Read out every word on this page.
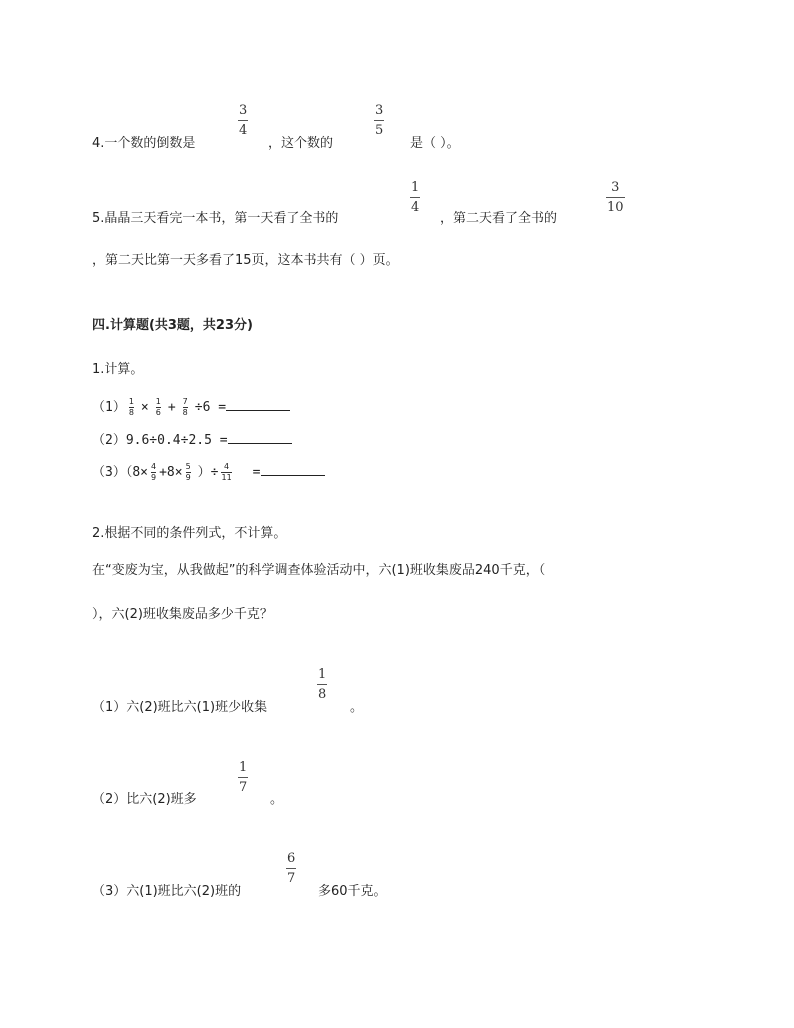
4.一个数的倒数是
3
4
，这个数的
3
5
是（ ）。
5.晶晶三天看完一本书，第一天看了全书的
1
4
，第二天看了全书的
3
10
，第二天比第一天多看了15页，这本书共有（ ）页。
四.计算题(共3题，共23分)
1.计算。
$(1) \frac{1}{8} \times \frac{1}{6} + \frac{7}{8} \div 6$ =
（2）9.6÷0.4÷2.5 =
$(3)(8\times \frac{4}{9} +8\times \frac{5}{9}$ ）÷ $\frac{4}{11}$ =
2.根据不同的条件列式，不计算。
在“变废为宝，从我做起”的科学调查体验活动中，六(1)班收集废品240千克，（
），六(2)班收集废品多少千克？
（1）六(2)班比六(1)班少收集
1
8
。
（2）比六(2)班多
1
7
。
（3）六(1)班比六(2)班的
6
7
多60千克。
